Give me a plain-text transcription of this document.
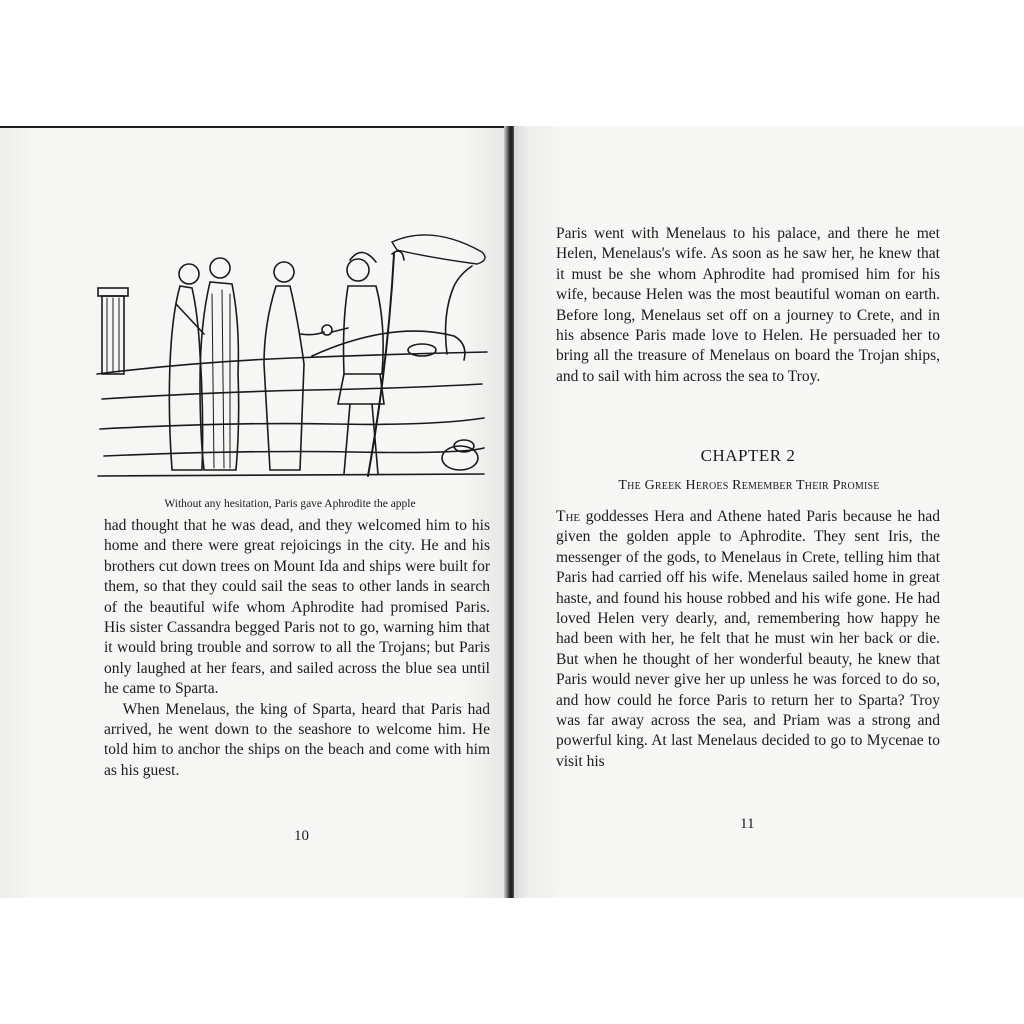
Without any hesitation, Paris gave Aphrodite the apple

had thought that he was dead, and they welcomed him to his home and there were great rejoicings in the city. He and his brothers cut down trees on Mount Ida and ships were built for them, so that they could sail the seas to other lands in search of the beautiful wife whom Aphrodite had promised Paris. His sister Cassandra begged Paris not to go, warning him that it would bring trouble and sorrow to all the Trojans; but Paris only laughed at her fears, and sailed across the blue sea until he came to Sparta.

When Menelaus, the king of Sparta, heard that Paris had arrived, he went down to the seashore to welcome him. He told him to anchor the ships on the beach and come with him as his guest.

10

Paris went with Menelaus to his palace, and there he met Helen, Menelaus's wife. As soon as he saw her, he knew that it must be she whom Aphrodite had promised him for his wife, because Helen was the most beautiful woman on earth. Before long, Menelaus set off on a journey to Crete, and in his absence Paris made love to Helen. He persuaded her to bring all the treasure of Menelaus on board the Trojan ships, and to sail with him across the sea to Troy.

CHAPTER 2
The Greek Heroes Remember Their Promise

The goddesses Hera and Athene hated Paris because he had given the golden apple to Aphrodite. They sent Iris, the messenger of the gods, to Menelaus in Crete, telling him that Paris had carried off his wife. Menelaus sailed home in great haste, and found his house robbed and his wife gone. He had loved Helen very dearly, and, remembering how happy he had been with her, he felt that he must win her back or die. But when he thought of her wonderful beauty, he knew that Paris would never give her up unless he was forced to do so, and how could he force Paris to return her to Sparta? Troy was far away across the sea, and Priam was a strong and powerful king. At last Menelaus decided to go to Mycenae to visit his

11
